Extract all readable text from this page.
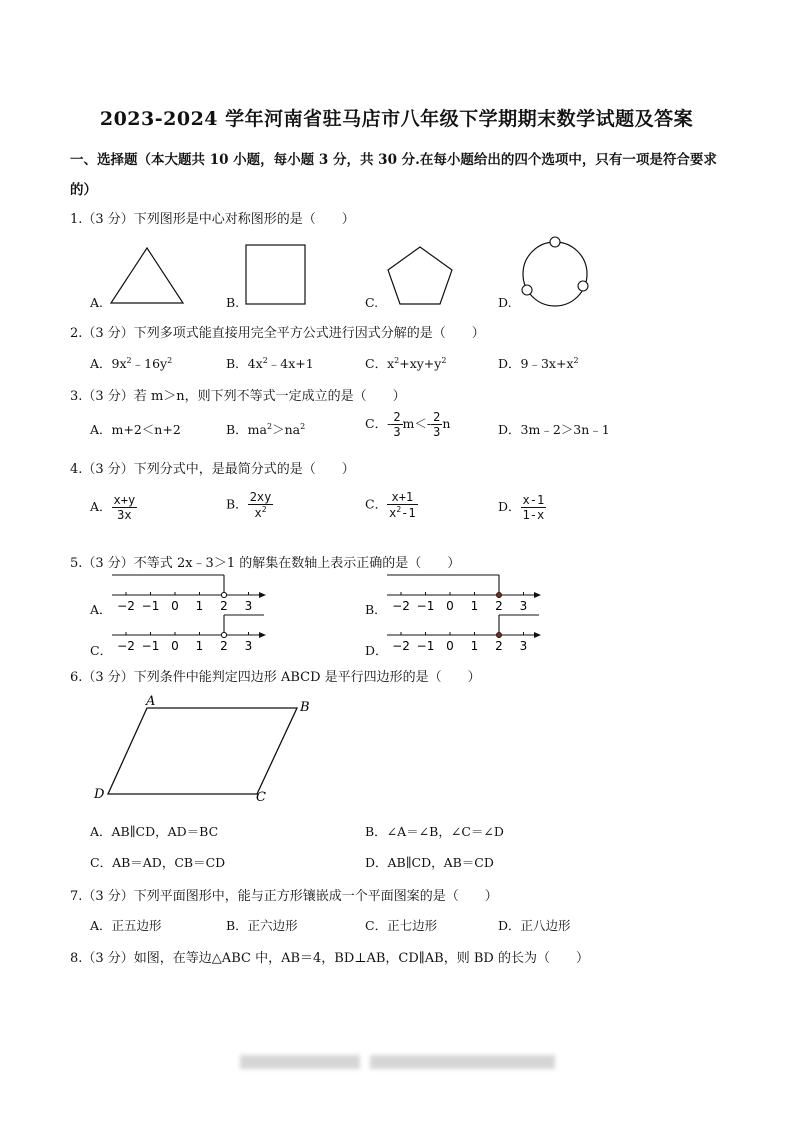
2023-2024 学年河南省驻马店市八年级下学期期末数学试题及答案
一、选择题（本大题共 10 小题，每小题 3 分，共 30 分.在每小题给出的四个选项中，只有一项是符合要求的）
1.（3 分）下列图形是中心对称图形的是（　　）
A.	B.	C.	D.
2.（3 分）下列多项式能直接用完全平方公式进行因式分解的是（　　）
A．$9x^2﹣16y^2$	B．$4x^2﹣4x+1$	C．$x^2+xy+y^2$	D．$9﹣3x+x^2$
3.（3 分）若 m＞n，则下列不等式一定成立的是（　　）
A．m+2＜n+2	B．$ma^2>na^2$	C．- $\frac{2}{3} m<- \frac{2}{3}$ n	D．3m﹣2＞3n﹣1
4.（3 分）下列分式中，是最简分式的是（　　）
A． $\frac{x+y}{3x}$	B． $\frac{2xy}{x^2}$	C． $\frac{x+1}{x^2-1}$	D． $\frac{x-1}{1-x}$
5.（3 分）不等式 2x﹣3＞1 的解集在数轴上表示正确的是（　　）
A．	B．
C．	D．
−2 −1 0 1 2 3	−2 −1 0 1 2 3
−2 −1 0 1 2 3	−2 −1 0 1 2 3
6.（3 分）下列条件中能判定四边形 ABCD 是平行四边形的是（　　）
A	B
C
D
A．AB∥CD，AD＝BC	B．∠A＝∠B，∠C＝∠D
C．AB＝AD，CB＝CD	D．AB∥CD，AB＝CD
7.（3 分）下列平面图形中，能与正方形镶嵌成一个平面图案的是（　　）
A．正五边形	B．正六边形	C．正七边形	D．正八边形
8.（3 分）如图，在等边△ABC 中，AB＝4，BD⊥AB，CD∥AB，则 BD 的长为（　　）
